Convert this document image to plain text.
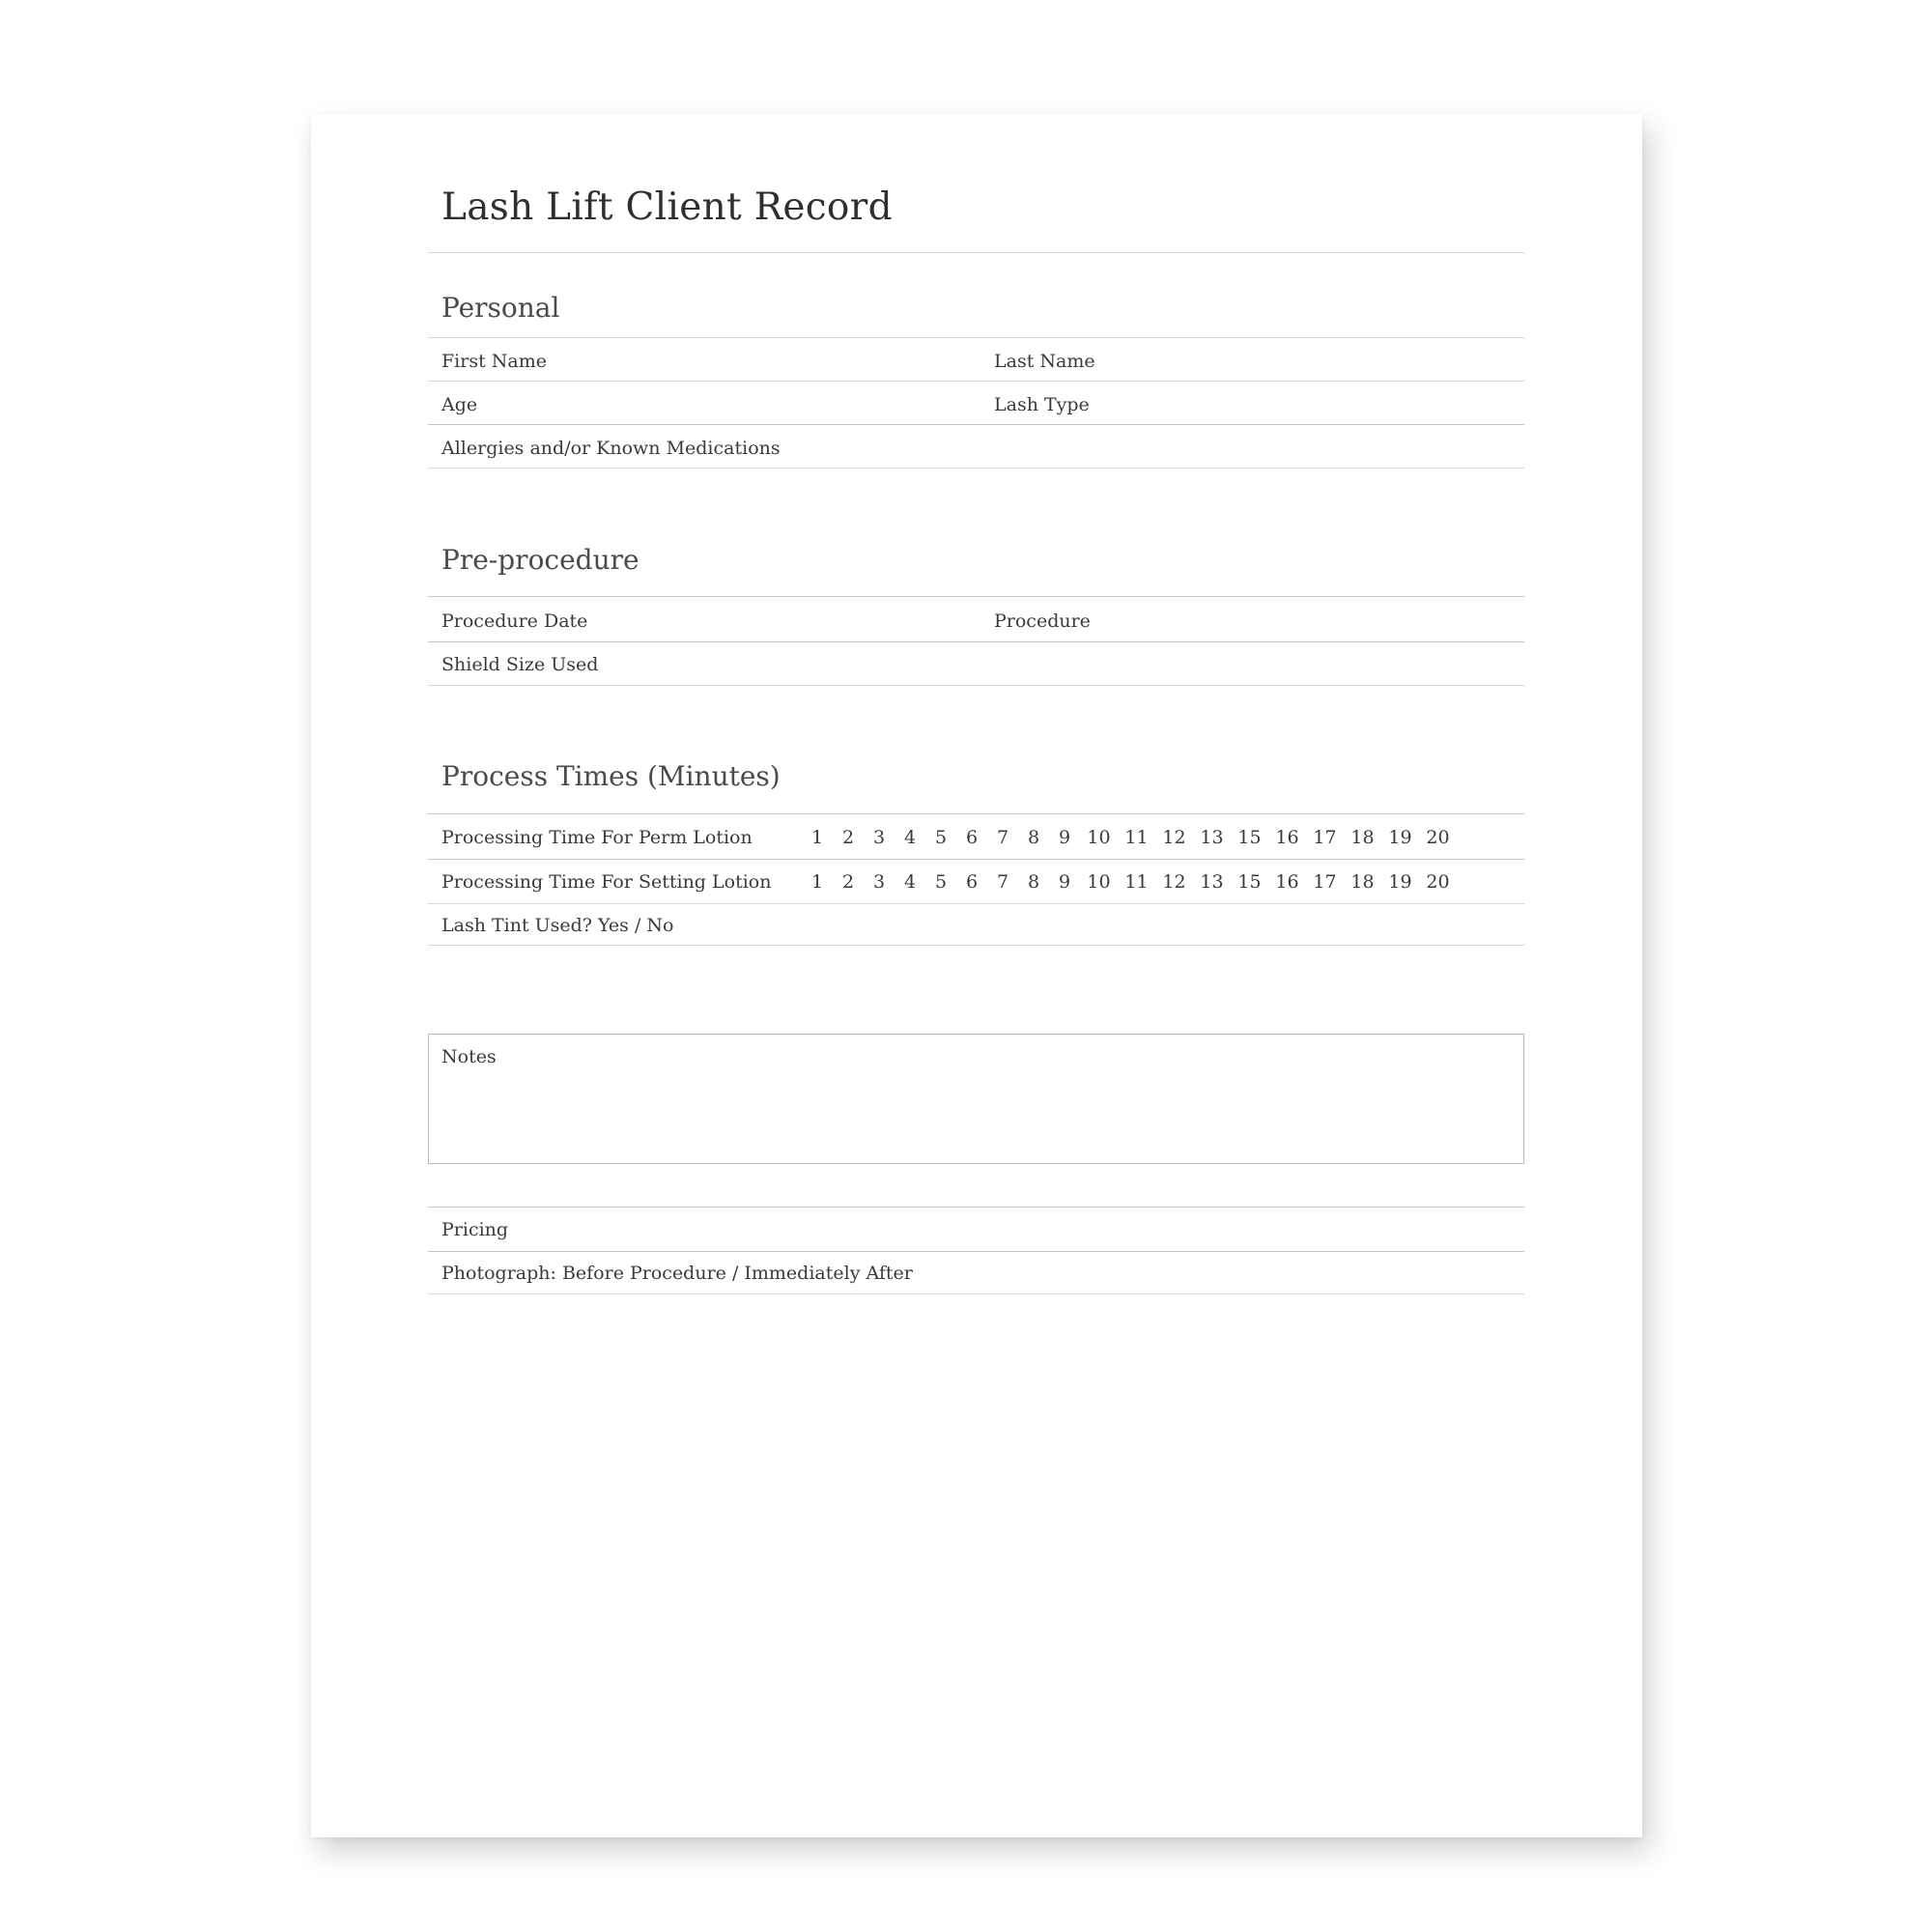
Lash Lift Client Record
Personal
First Name	Last Name
Age	Lash Type
Allergies and/or Known Medications
Pre-procedure
Procedure Date	Procedure
Shield Size Used
Process Times (Minutes)
Processing Time For Perm Lotion	1	2	3	4	5	6	7	8	9 10 11 12 13 15 16 17 18 19 20
Processing Time For Setting Lotion	1	2	3	4	5	6	7	8	9 10 11 12 13 15 16 17 18 19 20
Lash Tint Used? Yes / No
Notes
Pricing
Photograph: Before Procedure / Immediately After
